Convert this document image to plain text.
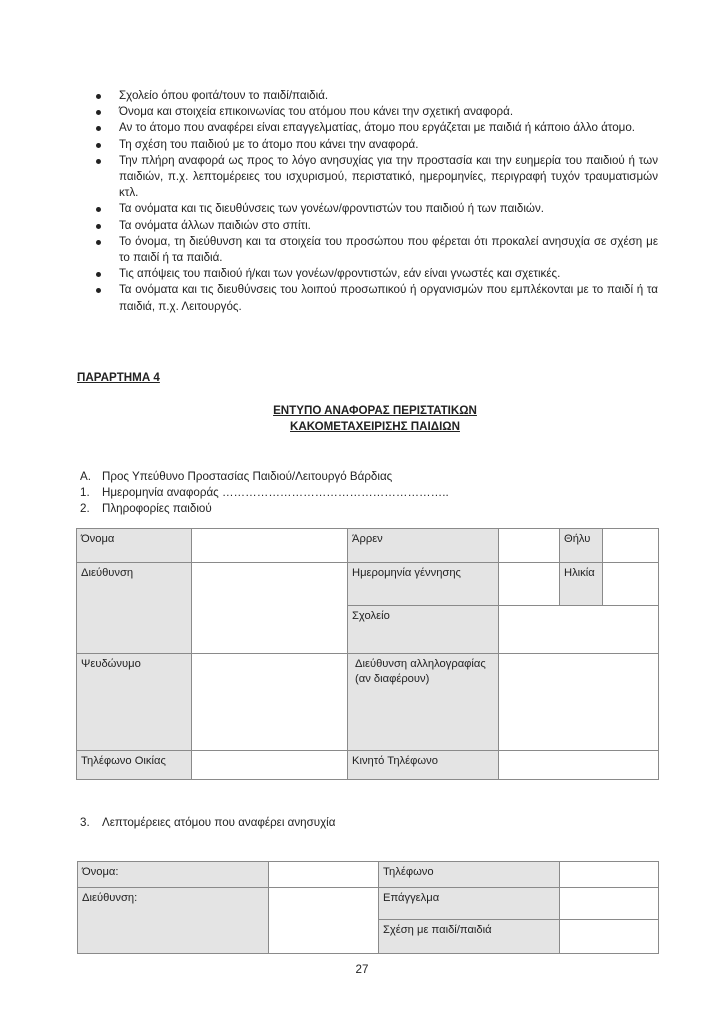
Σχολείο όπου φοιτά/τουν το παιδί/παιδιά.
Όνομα και στοιχεία επικοινωνίας του ατόμου που κάνει την σχετική αναφορά.
Αν το άτομο που αναφέρει είναι επαγγελματίας, άτομο που εργάζεται με παιδιά ή κάποιο άλλο άτομο.
Τη σχέση του παιδιού με το άτομο που κάνει την αναφορά.
Την πλήρη αναφορά ως προς το λόγο ανησυχίας για την προστασία και την ευημερία του παιδιού ή των παιδιών, π.χ. λεπτομέρειες του ισχυρισμού, περιστατικό, ημερομηνίες, περιγραφή τυχόν τραυματισμών κτλ.
Τα ονόματα και τις διευθύνσεις των γονέων/φροντιστών του παιδιού ή των παιδιών.
Τα ονόματα άλλων παιδιών στο σπίτι.
Το όνομα, τη διεύθυνση και τα στοιχεία του προσώπου που φέρεται ότι προκαλεί ανησυχία σε σχέση με το παιδί ή τα παιδιά.
Τις απόψεις του παιδιού ή/και των γονέων/φροντιστών, εάν είναι γνωστές και σχετικές.
Τα ονόματα και τις διευθύνσεις του λοιπού προσωπικού ή οργανισμών που εμπλέκονται με το παιδί ή τα παιδιά, π.χ. Λειτουργός.
ΠΑΡΑΡΤΗΜΑ 4
ΕΝΤΥΠΟ ΑΝΑΦΟΡΑΣ ΠΕΡΙΣΤΑΤΙΚΩΝ
ΚΑΚΟΜΕΤΑΧΕΙΡΙΣΗΣ ΠΑΙΔΙΩΝ
Α. Προς Υπεύθυνο Προστασίας Παιδιού/Λειτουργό Βάρδιας
1. Ημερομηνία αναφοράς …………………………………………………..
2. Πληροφορίες παιδιού
Όνομα		Άρρεν		Θήλυ	
Διεύθυνση		Ημερομηνία γέννησης		Ηλικία	
		Σχολείο			
Ψευδώνυμο		Διεύθυνση αλληλογραφίας (αν διαφέρουν)			
Τηλέφωνο Οικίας		Κινητό Τηλέφωνο			
3. Λεπτομέρειες ατόμου που αναφέρει ανησυχία
Όνομα:		Τηλέφωνο	
Διεύθυνση:		Επάγγελμα	
		Σχέση με παιδί/παιδιά	
27
